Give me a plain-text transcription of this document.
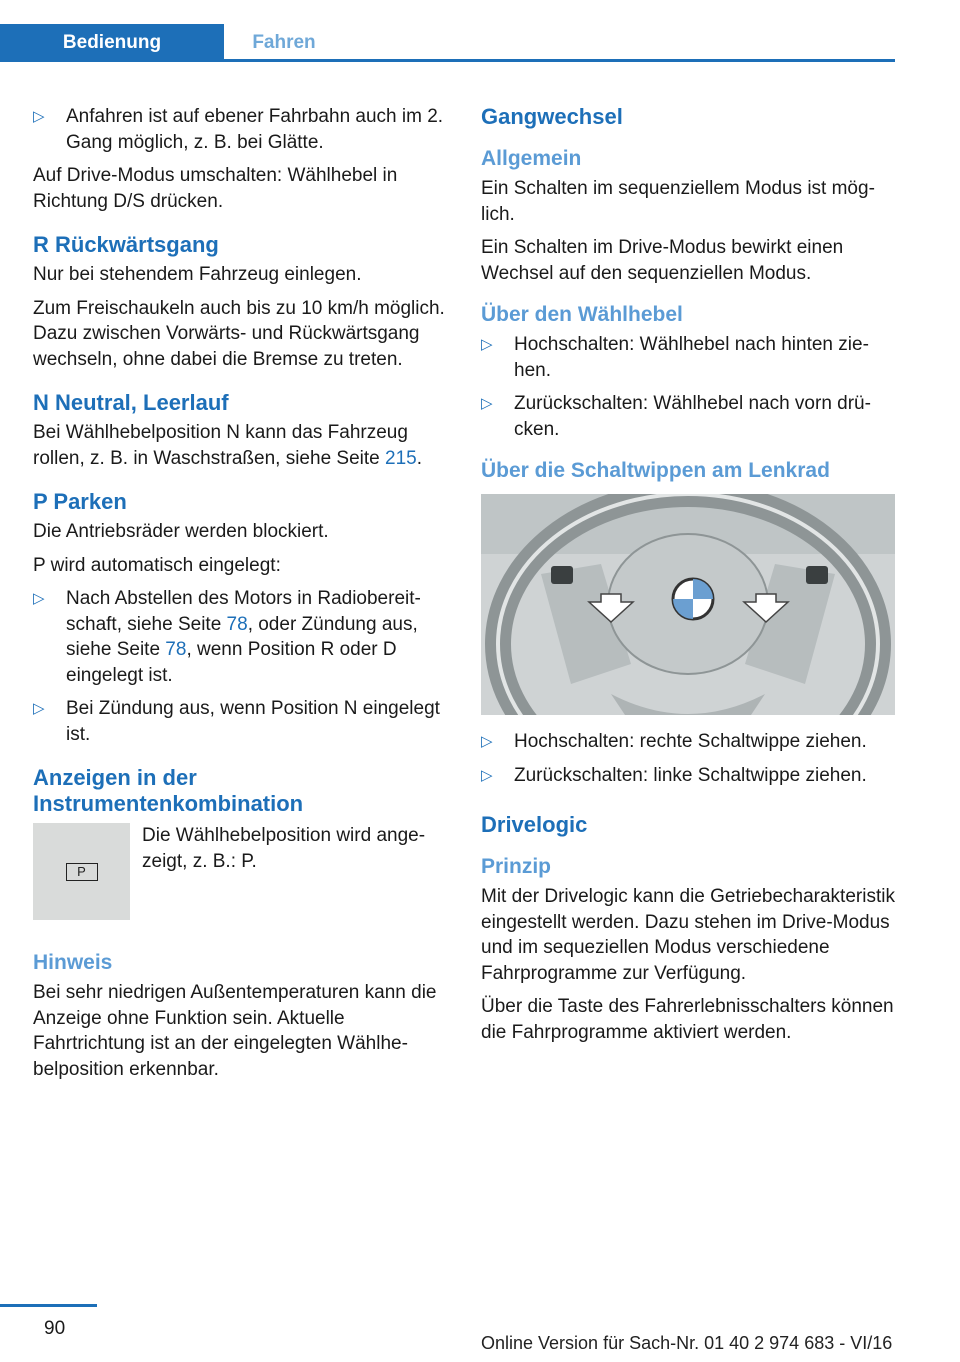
Bedienung	Fahren
▷
Anfahren ist auf ebener Fahrbahn auch im 2. Gang möglich, z. B. bei Glätte.

Auf Drive-Modus umschalten: Wählhebel in Richtung D/S drücken.

R Rückwärtsgang

Nur bei stehendem Fahrzeug einlegen.

Zum Freischaukeln auch bis zu 10 km/h möglich. Dazu zwischen Vorwärts- und Rückwärtsgang wechseln, ohne dabei die Bremse zu treten.

N Neutral, Leerlauf

Bei Wählhebelposition N kann das Fahrzeug rollen, z. B. in Waschstraßen, siehe Seite 215.

P Parken

Die Antriebsräder werden blockiert.

P wird automatisch eingelegt:

▷
Nach Abstellen des Motors in Radiobereitschaft, siehe Seite 78, oder Zündung aus, siehe Seite 78, wenn Position R oder D eingelegt ist.
▷
Bei Zündung aus, wenn Position N eingelegt ist.
Anzeigen in der Instrumentenkombination
P
Die Wählhebelposition wird angezeigt, z. B.: P.
Hinweis

Bei sehr niedrigen Außentemperaturen kann die Anzeige ohne Funktion sein. Aktuelle Fahrtrichtung ist an der eingelegten Wählhebelposition erkennbar.

Gangwechsel
Allgemein

Ein Schalten im sequenziellem Modus ist möglich.

Ein Schalten im Drive-Modus bewirkt einen Wechsel auf den sequenziellen Modus.

Über den Wählhebel
▷
Hochschalten: Wählhebel nach hinten ziehen.
▷
Zurückschalten: Wählhebel nach vorn drücken.
Über die Schaltwippen am Lenkrad
▷
Hochschalten: rechte Schaltwippe ziehen.
▷
Zurückschalten: linke Schaltwippe ziehen.
Drivelogic
Prinzip

Mit der Drivelogic kann die Getriebecharakteristik eingestellt werden. Dazu stehen im Drive-Modus und im sequeziellen Modus verschiedene Fahrprogramme zur Verfügung.

Über die Taste des Fahrerlebnisschalters können die Fahrprogramme aktiviert werden.

90
Online Version für Sach-Nr. 01 40 2 974 683 - VI/16
